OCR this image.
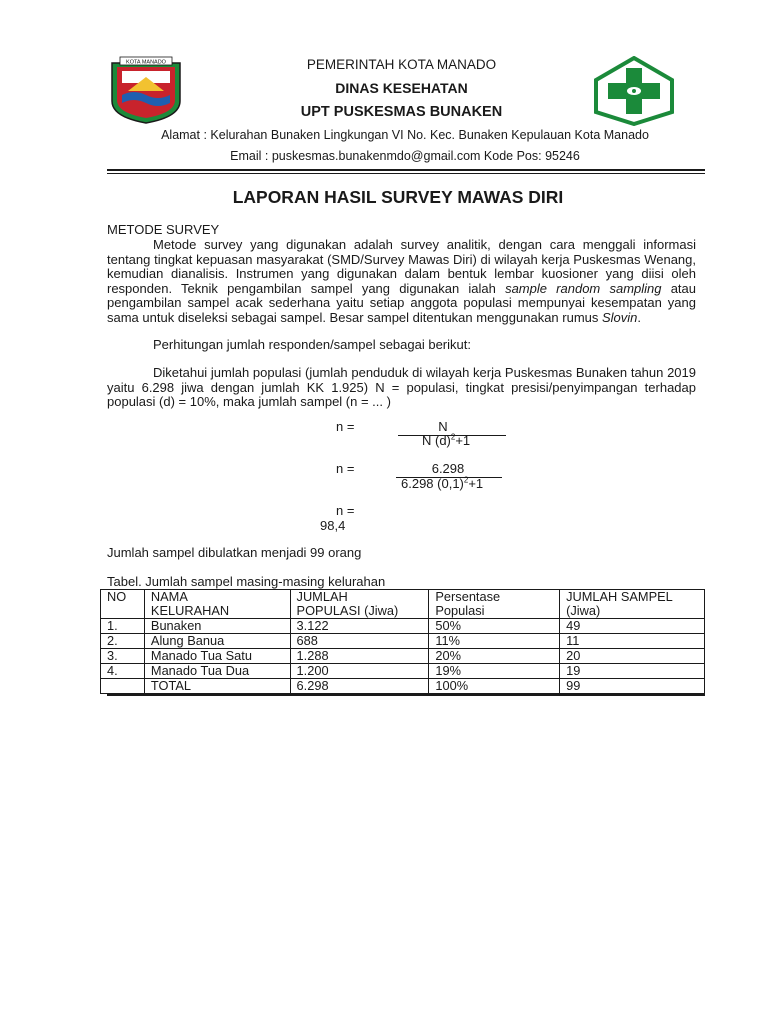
KOTA MANADO	PEMERINTAH KOTA MANADO
DINAS KESEHATAN
UPT PUSKESMAS BUNAKEN
Alamat : Kelurahan Bunaken Lingkungan VI No. Kec. Bunaken Kepulauan Kota Manado
Email : puskesmas.bunakenmdo@gmail.com Kode Pos: 95246
LAPORAN HASIL SURVEY MAWAS DIRI
METODE SURVEY
Metode survey yang digunakan adalah survey analitik, dengan cara menggali informasi tentang tingkat kepuasan masyarakat (SMD/Survey Mawas Diri) di wilayah kerja Puskesmas Wenang, kemudian dianalisis. Instrumen yang digunakan dalam bentuk lembar kuosioner yang diisi oleh responden. Teknik pengambilan sampel yang digunakan ialah sample random sampling atau pengambilan sampel acak sederhana yaitu setiap anggota populasi mempunyai kesempatan yang sama untuk diseleksi sebagai sampel. Besar sampel ditentukan menggunakan rumus Slovin.
Perhitungan jumlah responden/sampel sebagai berikut:
Diketahui jumlah populasi (jumlah penduduk di wilayah kerja Puskesmas Bunaken tahun 2019 yaitu 6.298 jiwa dengan jumlah KK 1.925) N = populasi, tingkat presisi/penyimpangan terhadap populasi (d) = 10%, maka jumlah sampel (n = ... )
n =	N
N $(d)^2+1$
n =	6.298
6.298 $(0,1)^2+1$
n =
98,4
Jumlah sampel dibulatkan menjadi 99 orang
Tabel. Jumlah sampel masing-masing kelurahan
NO	NAMA KELURAHAN	JUMLAH POPULASI (Jiwa)	Persentase Populasi	JUMLAH SAMPEL (Jiwa)

1.	Bunaken	3.122	50%	49
2.	Alung Banua	688	11%	11
3.	Manado Tua Satu	1.288	20%	20
4.	Manado Tua Dua	1.200	19%	19
	TOTAL	6.298	100%	99
